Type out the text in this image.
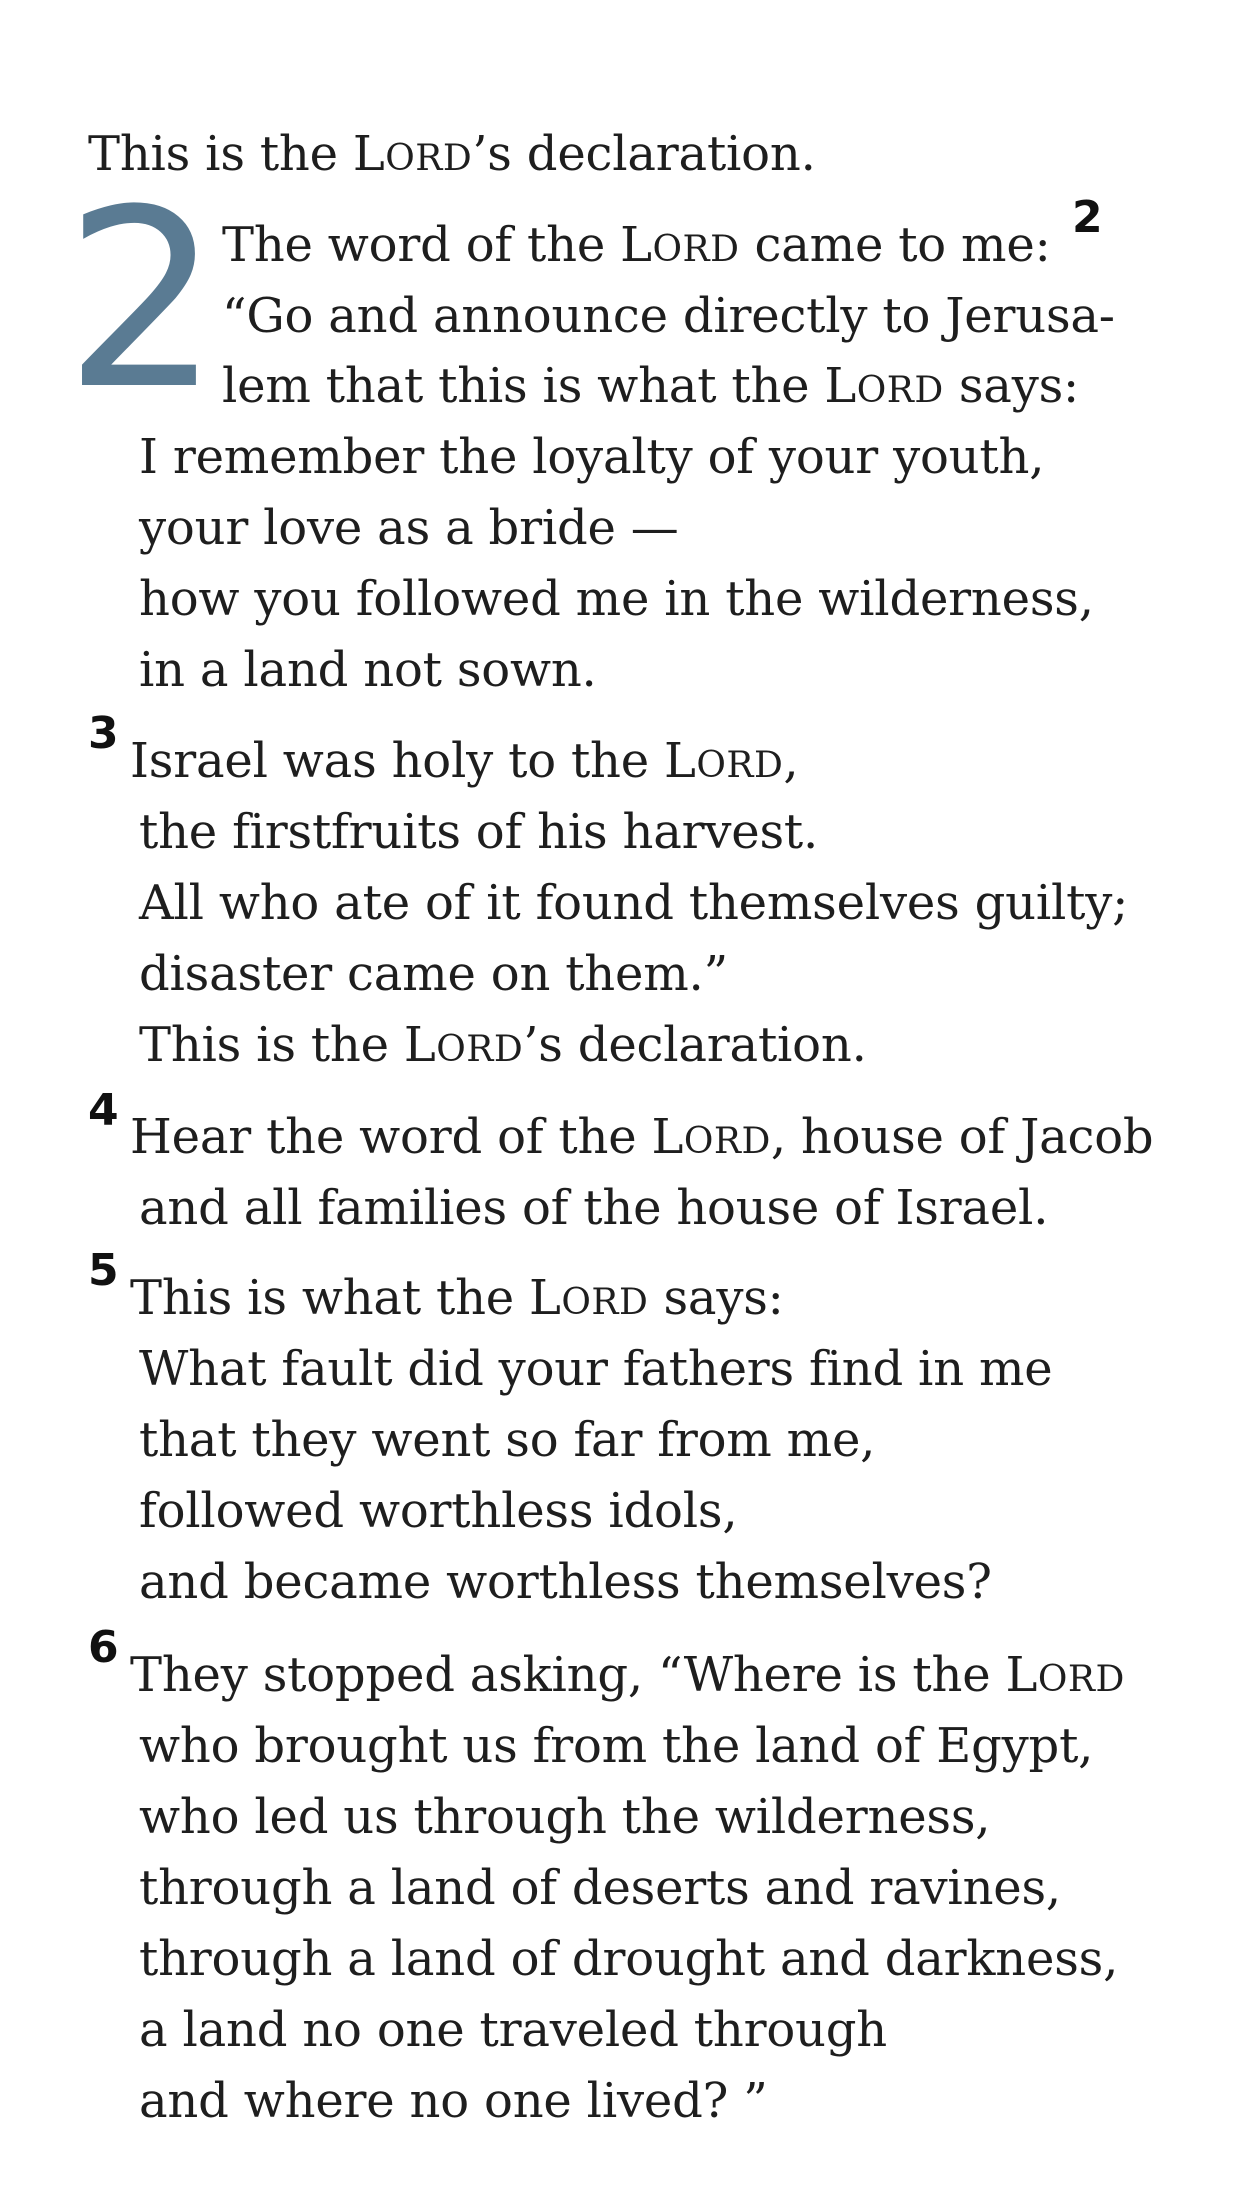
This is the LORD’s declaration.
2	2
The word of the LORD came to me:
“Go and announce directly to Jerusa-
lem that this is what the LORD says:
I remember the loyalty of your youth,
your love as a bride —
how you followed me in the wilderness,
in a land not sown.
3 Israel was holy to the LORD,
the firstfruits of his harvest.
All who ate of it found themselves guilty;
disaster came on them.”
This is the LORD’s declaration.
4 Hear the word of the LORD, house of Jacob
and all families of the house of Israel.
5 This is what the LORD says:
What fault did your fathers find in me
that they went so far from me,
followed worthless idols,
and became worthless themselves?
6 They stopped asking, “Where is the LORD
who brought us from the land of Egypt,
who led us through the wilderness,
through a land of deserts and ravines,
through a land of drought and darkness,
a land no one traveled through
and where no one lived? ”
